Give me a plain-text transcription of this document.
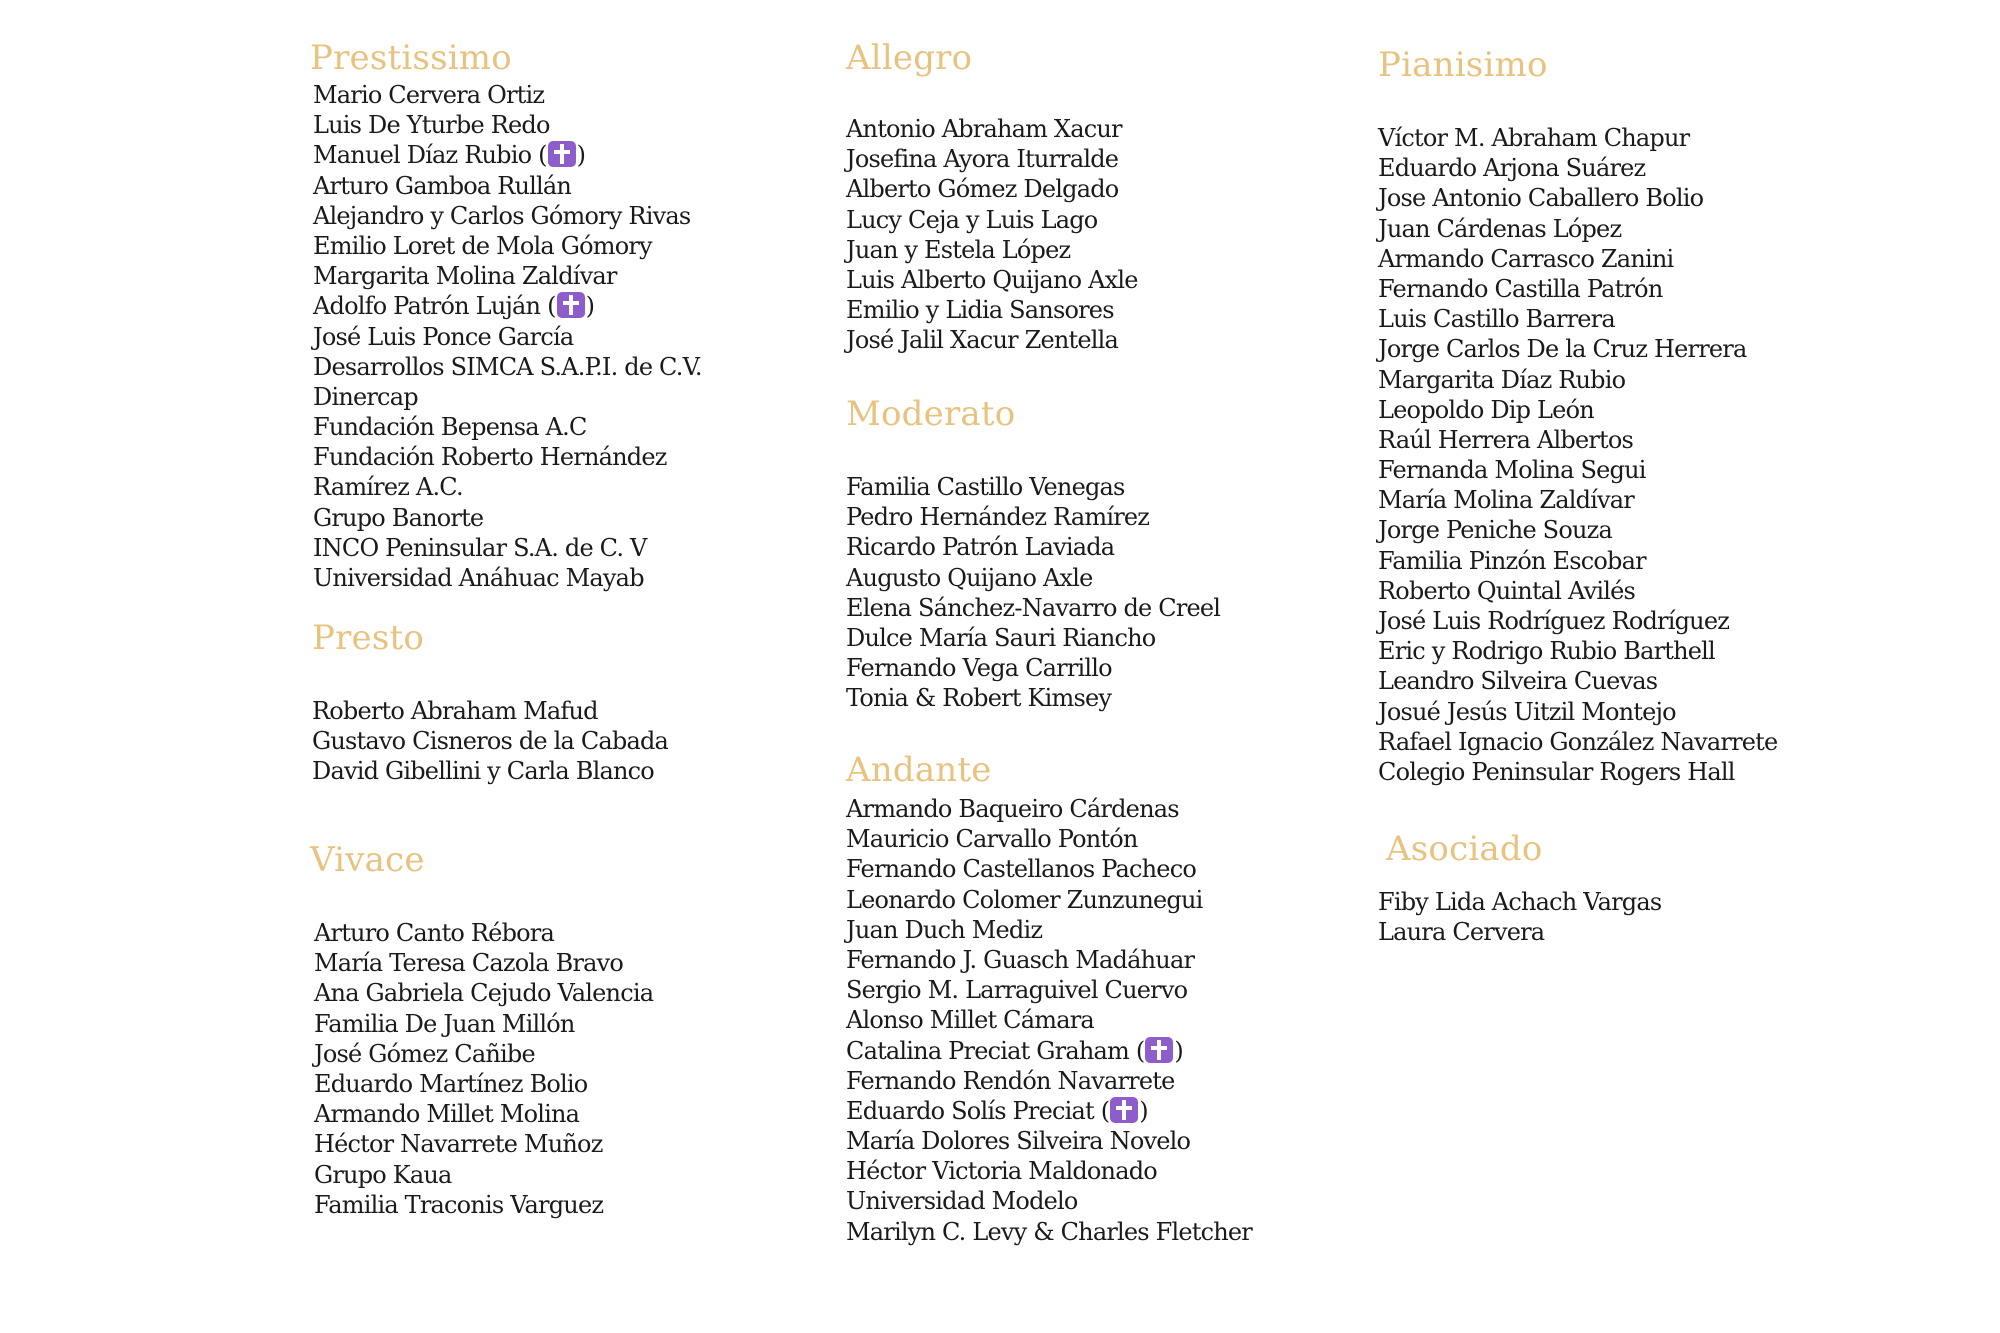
Prestissimo
Mario Cervera Ortiz
Luis De Yturbe Redo
Manuel Díaz Rubio ( )
Arturo Gamboa Rullán
Alejandro y Carlos Gómory Rivas
Emilio Loret de Mola Gómory
Margarita Molina Zaldívar
Adolfo Patrón Luján ( )
José Luis Ponce García
Desarrollos SIMCA S.A.P.I. de C.V.
Dinercap
Fundación Bepensa A.C
Fundación Roberto Hernández
Ramírez A.C.
Grupo Banorte
INCO Peninsular S.A. de C. V
Universidad Anáhuac Mayab
Presto
Roberto Abraham Mafud
Gustavo Cisneros de la Cabada
David Gibellini y Carla Blanco
Vivace
Arturo Canto Rébora
María Teresa Cazola Bravo
Ana Gabriela Cejudo Valencia
Familia De Juan Millón
José Gómez Cañibe
Eduardo Martínez Bolio
Armando Millet Molina
Héctor Navarrete Muñoz
Grupo Kaua
Familia Traconis Varguez
Allegro
Antonio Abraham Xacur
Josefina Ayora Iturralde
Alberto Gómez Delgado
Lucy Ceja y Luis Lago
Juan y Estela López
Luis Alberto Quijano Axle
Emilio y Lidia Sansores
José Jalil Xacur Zentella
Moderato
Familia Castillo Venegas
Pedro Hernández Ramírez
Ricardo Patrón Laviada
Augusto Quijano Axle
Elena Sánchez-Navarro de Creel
Dulce María Sauri Riancho
Fernando Vega Carrillo
Tonia & Robert Kimsey
Andante
Armando Baqueiro Cárdenas
Mauricio Carvallo Pontón
Fernando Castellanos Pacheco
Leonardo Colomer Zunzunegui
Juan Duch Mediz
Fernando J. Guasch Madáhuar
Sergio M. Larraguivel Cuervo
Alonso Millet Cámara
Catalina Preciat Graham ( )
Fernando Rendón Navarrete
Eduardo Solís Preciat ( )
María Dolores Silveira Novelo
Héctor Victoria Maldonado
Universidad Modelo
Marilyn C. Levy & Charles Fletcher
Pianisimo
Víctor M. Abraham Chapur
Eduardo Arjona Suárez
Jose Antonio Caballero Bolio
Juan Cárdenas López
Armando Carrasco Zanini
Fernando Castilla Patrón
Luis Castillo Barrera
Jorge Carlos De la Cruz Herrera
Margarita Díaz Rubio
Leopoldo Dip León
Raúl Herrera Albertos
Fernanda Molina Segui
María Molina Zaldívar
Jorge Peniche Souza
Familia Pinzón Escobar
Roberto Quintal Avilés
José Luis Rodríguez Rodríguez
Eric y Rodrigo Rubio Barthell
Leandro Silveira Cuevas
Josué Jesús Uitzil Montejo
Rafael Ignacio González Navarrete
Colegio Peninsular Rogers Hall
Asociado
Fiby Lida Achach Vargas
Laura Cervera
